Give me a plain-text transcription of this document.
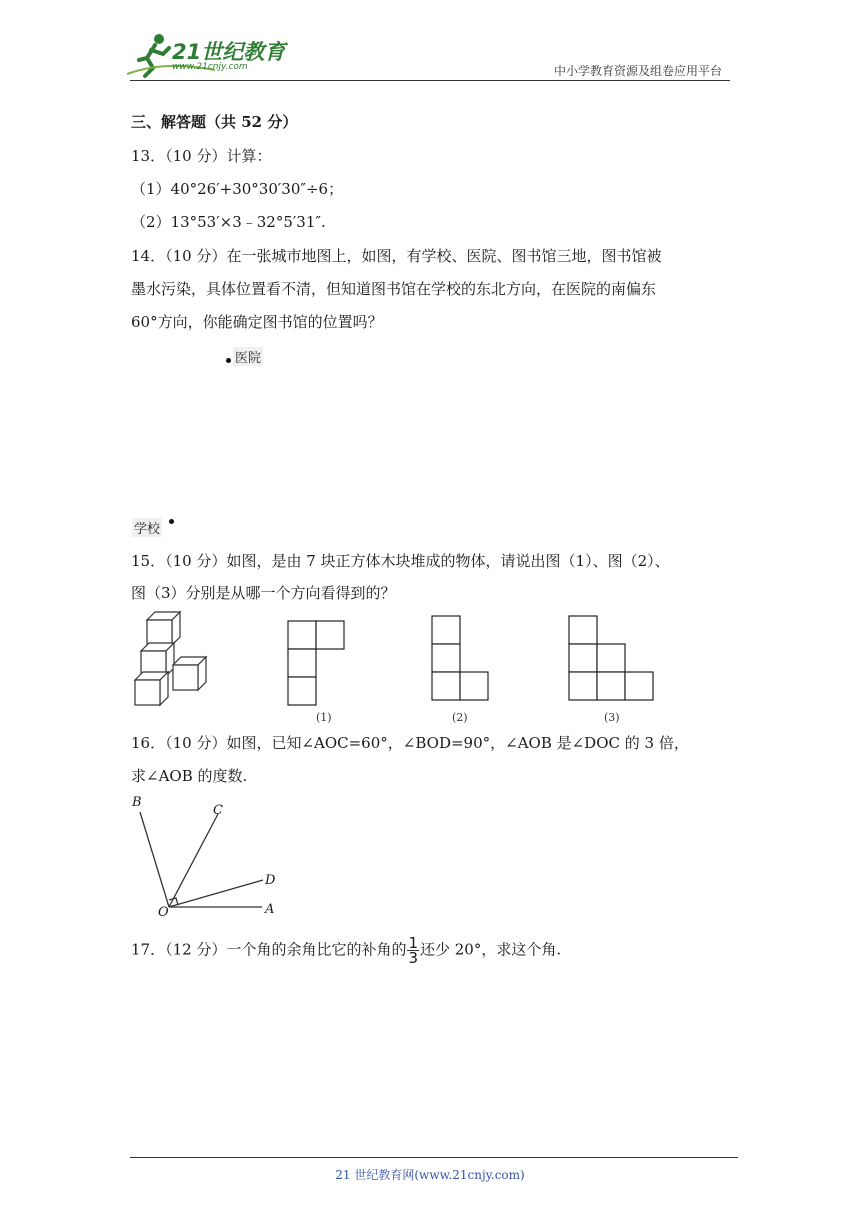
21世纪教育
www.21cnjy.com	中小学教育资源及组卷应用平台
三、解答题（共 52 分）
13．（10 分）计算：
（1）40°26′+30°30′30″÷6；
（2）13°53′×3﹣32°5′31″.
14．（10 分）在一张城市地图上，如图，有学校、医院、图书馆三地，图书馆被
墨水污染，具体位置看不清，但知道图书馆在学校的东北方向，在医院的南偏东
60°方向，你能确定图书馆的位置吗？
医院
学校
15．（10 分）如图，是由 7 块正方体木块堆成的物体，请说出图（1）、图（2）、
图（3）分别是从哪一个方向看得到的？
(1)	(2)	(3)
16．（10 分）如图，已知∠AOC=60°，∠BOD=90°，∠AOB 是∠DOC 的 3 倍，
求∠AOB 的度数.
B
C
D
O	A
17．（12 分）一个角的余角比它的补角的 $\frac{1}{3}$ 还少 20°，求这个角.
21 世纪教育网(www.21cnjy.com)
